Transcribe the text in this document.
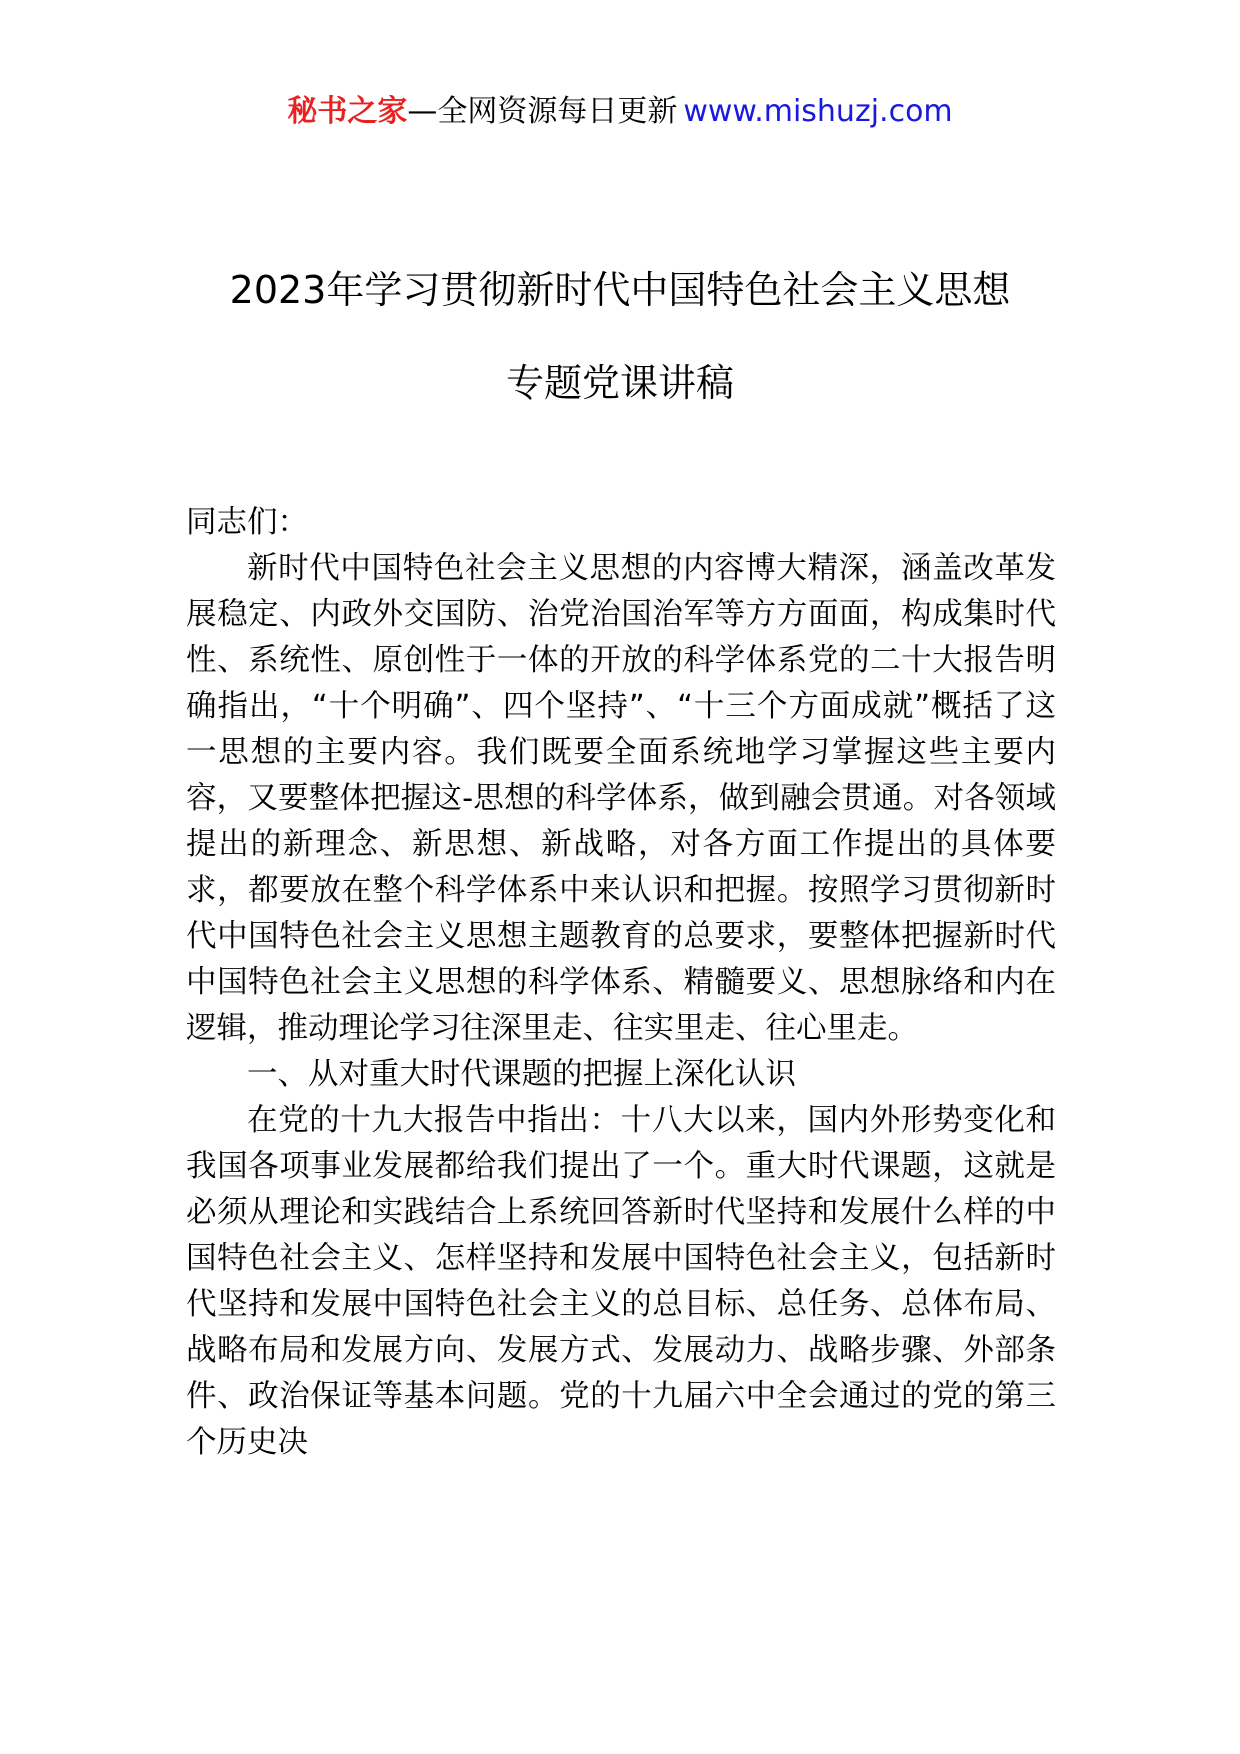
秘书之家—全网资源每日更新 www.mishuzj.com
2023年学习贯彻新时代中国特色社会主义思想
专题党课讲稿

同志们：

新时代中国特色社会主义思想的内容博大精深，涵盖改革发展稳定、内政外交国防、治党治国治军等方方面面，构成集时代性、系统性、原创性于一体的开放的科学体系党的二十大报告明确指出，“十个明确”、四个坚持”、“十三个方面成就”概括了这一思想的主要内容。我们既要全面系统地学习掌握这些主要内容，又要整体把握这-思想的科学体系，做到融会贯通。对各领域提出的新理念、新思想、新战略，对各方面工作提出的具体要求，都要放在整个科学体系中来认识和把握。按照学习贯彻新时代中国特色社会主义思想主题教育的总要求，要整体把握新时代中国特色社会主义思想的科学体系、精髓要义、思想脉络和内在逻辑，推动理论学习往深里走、往实里走、往心里走。

一、从对重大时代课题的把握上深化认识

在党的十九大报告中指出：十八大以来，国内外形势变化和我国各项事业发展都给我们提出了一个。重大时代课题，这就是必须从理论和实践结合上系统回答新时代坚持和发展什么样的中国特色社会主义、怎样坚持和发展中国特色社会主义，包括新时代坚持和发展中国特色社会主义的总目标、总任务、总体布局、战略布局和发展方向、发展方式、发展动力、战略步骤、外部条件、政治保证等基本问题。党的十九届六中全会通过的党的第三个历史决
